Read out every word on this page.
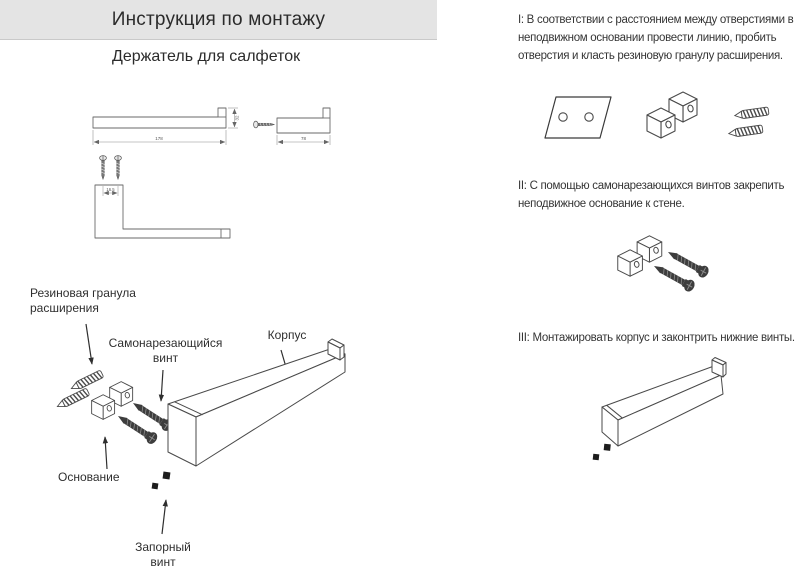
Инструкция по монтажу
Держатель для салфеток
32
178	78
16.5
Резиновая гранула расширения
Самонарезающийся винт
Корпус
Основание
Запорный винт
I: В соответствии с расстоянием между отверстиями в неподвижном основании провести линию, пробить отверстия и класть резиновую гранулу расширения.
II: С помощью самонарезающихся винтов закрепить неподвижное основание к стене.
III: Монтажировать корпус и законтрить нижние винты.
